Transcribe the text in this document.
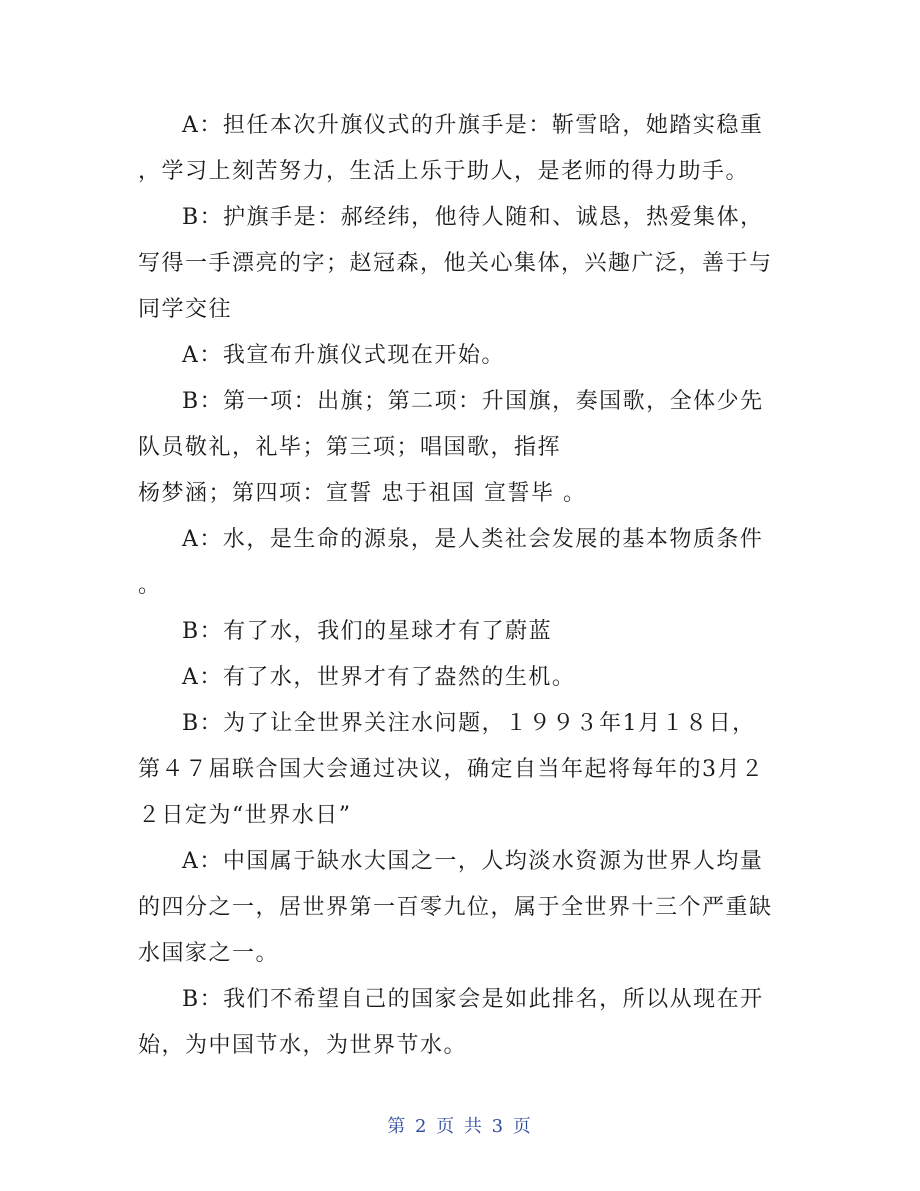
A：担任本次升旗仪式的升旗手是：靳雪晗，她踏实稳重
，学习上刻苦努力，生活上乐于助人，是老师的得力助手。

B：护旗手是：郝经纬，他待人随和、诚恳，热爱集体，
写得一手漂亮的字；赵冠森，他关心集体，兴趣广泛，善于与
同学交往

A：我宣布升旗仪式现在开始。

B：第一项：出旗；第二项：升国旗，奏国歌，全体少先
队员敬礼，礼毕；第三项；唱国歌，指挥
杨梦涵；第四项：宣誓 忠于祖国 宣誓毕 。

A：水，是生命的源泉，是人类社会发展的基本物质条件
。

B：有了水，我们的星球才有了蔚蓝

A：有了水，世界才有了盎然的生机。

B：为了让全世界关注水问题，１９９３年1月１８日，
第４７届联合国大会通过决议，确定自当年起将每年的3月２
２日定为“世界水日”

A：中国属于缺水大国之一，人均淡水资源为世界人均量
的四分之一，居世界第一百零九位，属于全世界十三个严重缺
水国家之一。

B：我们不希望自己的国家会是如此排名，所以从现在开
始，为中国节水，为世界节水。

第 2 页 共 3 页
